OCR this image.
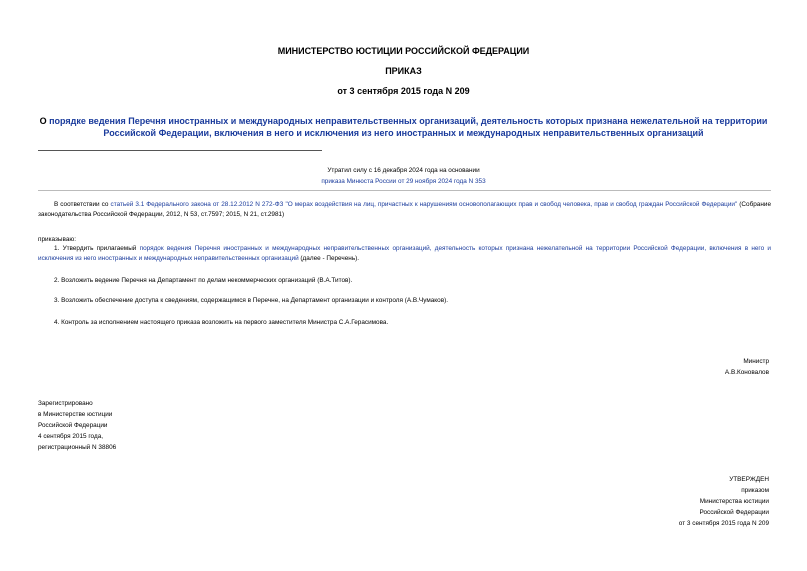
МИНИСТЕРСТВО ЮСТИЦИИ РОССИЙСКОЙ ФЕДЕРАЦИИ
ПРИКАЗ
от 3 сентября 2015 года N 209
О порядке ведения Перечня иностранных и международных неправительственных организаций, деятельность которых признана нежелательной на территории Российской Федерации, включения в него и исключения из него иностранных и международных неправительственных организаций
Утратил силу с 16 декабря 2024 года на основании
приказа Минюста России от 29 ноября 2024 года N 353
В соответствии со статьей 3.1 Федерального закона от 28.12.2012 N 272-ФЗ "О мерах воздействия на лиц, причастных к нарушениям основополагающих прав и свобод человека, прав и свобод граждан Российской Федерации" (Собрание законодательства Российской Федерации, 2012, N 53, ст.7597; 2015, N 21, ст.2981)
приказываю:
1. Утвердить прилагаемый порядок ведения Перечня иностранных и международных неправительственных организаций, деятельность которых признана нежелательной на территории Российской Федерации, включения в него и исключения из него иностранных и международных неправительственных организаций (далее - Перечень).
2. Возложить ведение Перечня на Департамент по делам некоммерческих организаций (В.А.Титов).
3. Возложить обеспечение доступа к сведениям, содержащимся в Перечне, на Департамент организации и контроля (А.В.Чумаков).
4. Контроль за исполнением настоящего приказа возложить на первого заместителя Министра С.А.Герасимова.
Министр
А.В.Коновалов
Зарегистрировано
в Министерстве юстиции
Российской Федерации
4 сентября 2015 года,
регистрационный N 38806
УТВЕРЖДЕН
приказом
Министерства юстиции
Российской Федерации
от 3 сентября 2015 года N 209
